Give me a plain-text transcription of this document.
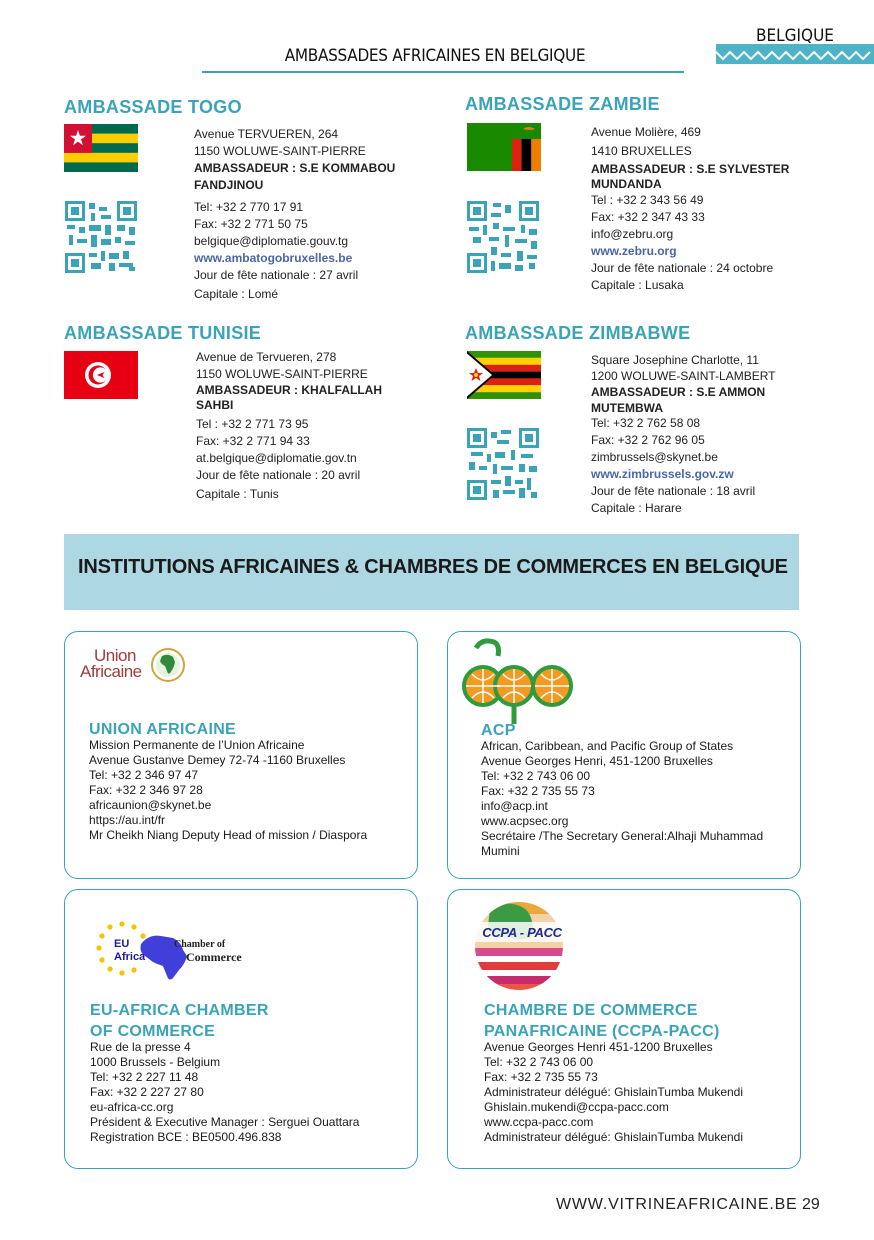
AMBASSADES AFRICAINES EN BELGIQUE
BELGIQUE
AMBASSADE TOGO
Avenue TERVUEREN, 264
1150 WOLUWE-SAINT-PIERRE
AMBASSADEUR : S.E KOMMABOU
FANDJINOU
Tel: +32 2 770 17 91
Fax: +32 2 771 50 75
belgique@diplomatie.gouv.tg
www.ambatogobruxelles.be
Jour de fête nationale : 27 avril
Capitale : Lomé
AMBASSADE ZAMBIE
Avenue Molière, 469
1410 BRUXELLES
AMBASSADEUR : S.E SYLVESTER
MUNDANDA
Tel : +32 2 343 56 49
Fax: +32 2 347 43 33
info@zebru.org
www.zebru.org
Jour de fête nationale : 24 octobre
Capitale : Lusaka
AMBASSADE TUNISIE
Avenue de Tervueren, 278
1150 WOLUWE-SAINT-PIERRE
AMBASSADEUR : KHALFALLAH
SAHBI
Tel : +32 2 771 73 95
Fax: +32 2 771 94 33
at.belgique@diplomatie.gov.tn
Jour de fête nationale : 20 avril
Capitale : Tunis
AMBASSADE ZIMBABWE
Square Josephine Charlotte, 11
1200 WOLUWE-SAINT-LAMBERT
AMBASSADEUR : S.E AMMON
MUTEMBWA
Tel: +32 2 762 58 08
Fax: +32 2 762 96 05
zimbrussels@skynet.be
www.zimbrussels.gov.zw
Jour de fête nationale : 18 avril
Capitale : Harare
INSTITUTIONS AFRICAINES & CHAMBRES DE COMMERCES EN BELGIQUE
Union
Africaine
UNION AFRICAINE
Mission Permanente de l’Union Africaine
Avenue Gustanve Demey 72-74 -1160 Bruxelles
Tel: +32 2 346 97 47
Fax: +32 2 346 97 28
africaunion@skynet.be
https://au.int/fr
Mr Cheikh Niang Deputy Head of mission / Diaspora
ACP
African, Caribbean, and Pacific Group of States
Avenue Georges Henri, 451-1200 Bruxelles
Tel: +32 2 743 06 00
Fax: +32 2 735 55 73
info@acp.int
www.acpsec.org
Secrétaire /The Secretary General:Alhaji Muhammad
Mumini
EU
Africa
Chamber of
Commerce
EU-AFRICA CHAMBER
OF COMMERCE
Rue de la presse 4
1000 Brussels - Belgium
Tel: +32 2 227 11 48
Fax: +32 2 227 27 80
eu-africa-cc.org
Président & Executive Manager : Serguei Ouattara
Registration BCE : BE0500.496.838
CCPA - PACC
CHAMBRE DE COMMERCE
PANAFRICAINE (CCPA-PACC)
Avenue Georges Henri 451-1200 Bruxelles
Tel: +32 2 743 06 00
Fax: +32 2 735 55 73
Administrateur délégué: GhislainTumba Mukendi
Ghislain.mukendi@ccpa-pacc.com
www.ccpa-pacc.com
Administrateur délégué: GhislainTumba Mukendi
WWW.VITRINEAFRICAINE.BE 29
